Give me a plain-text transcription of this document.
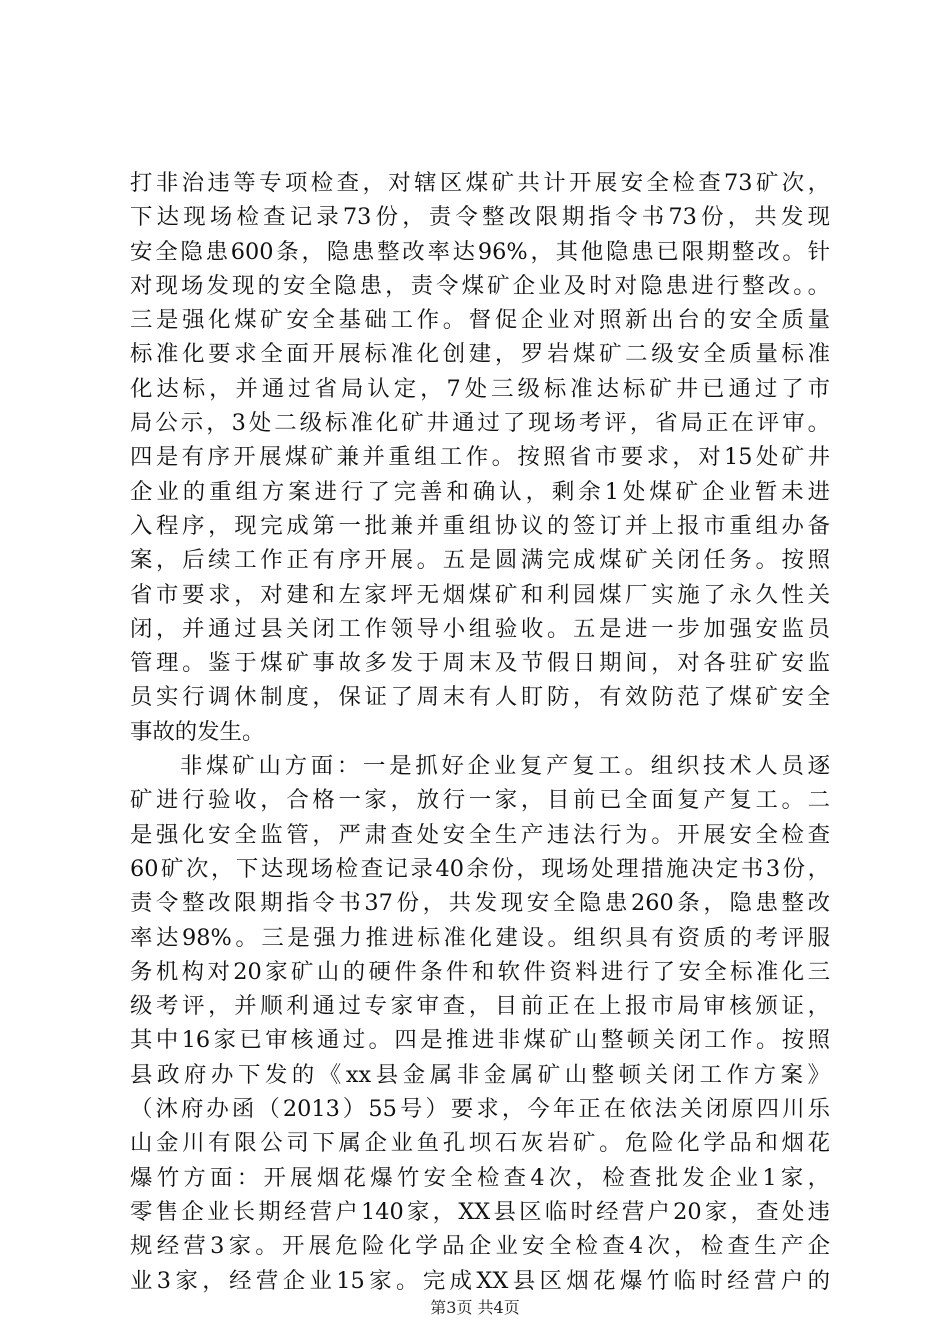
打非治违等专项检查，对辖区煤矿共计开展安全检查73矿次，
下达现场检查记录73份，责令整改限期指令书73份，共发现
安全隐患600条，隐患整改率达96%，其他隐患已限期整改。针
对现场发现的安全隐患，责令煤矿企业及时对隐患进行整改。。
三是强化煤矿安全基础工作。督促企业对照新出台的安全质量
标准化要求全面开展标准化创建，罗岩煤矿二级安全质量标准
化达标，并通过省局认定，7处三级标准达标矿井已通过了市
局公示，3处二级标准化矿井通过了现场考评，省局正在评审。
四是有序开展煤矿兼并重组工作。按照省市要求，对15处矿井
企业的重组方案进行了完善和确认，剩余1处煤矿企业暂未进
入程序，现完成第一批兼并重组协议的签订并上报市重组办备
案，后续工作正有序开展。五是圆满完成煤矿关闭任务。按照
省市要求，对建和左家坪无烟煤矿和利园煤厂实施了永久性关
闭，并通过县关闭工作领导小组验收。五是进一步加强安监员
管理。鉴于煤矿事故多发于周末及节假日期间，对各驻矿安监
员实行调休制度，保证了周末有人盯防，有效防范了煤矿安全
事故的发生。
非煤矿山方面：一是抓好企业复产复工。组织技术人员逐
矿进行验收，合格一家，放行一家，目前已全面复产复工。二
是强化安全监管，严肃查处安全生产违法行为。开展安全检查
60矿次，下达现场检查记录40余份，现场处理措施决定书3份，
责令整改限期指令书37份，共发现安全隐患260条，隐患整改
率达98%。三是强力推进标准化建设。组织具有资质的考评服
务机构对20家矿山的硬件条件和软件资料进行了安全标准化三
级考评，并顺利通过专家审查，目前正在上报市局审核颁证，
其中16家已审核通过。四是推进非煤矿山整顿关闭工作。按照
县政府办下发的《xx县金属非金属矿山整顿关闭工作方案》
（沐府办函（2013）55号）要求，今年正在依法关闭原四川乐
山金川有限公司下属企业鱼孔坝石灰岩矿。危险化学品和烟花
爆竹方面：开展烟花爆竹安全检查4次，检查批发企业1家，
零售企业长期经营户140家，XX县区临时经营户20家，查处违
规经营3家。开展危险化学品企业安全检查4次，检查生产企
业3家，经营企业15家。完成XX县区烟花爆竹临时经营户的
第3页 共4页
